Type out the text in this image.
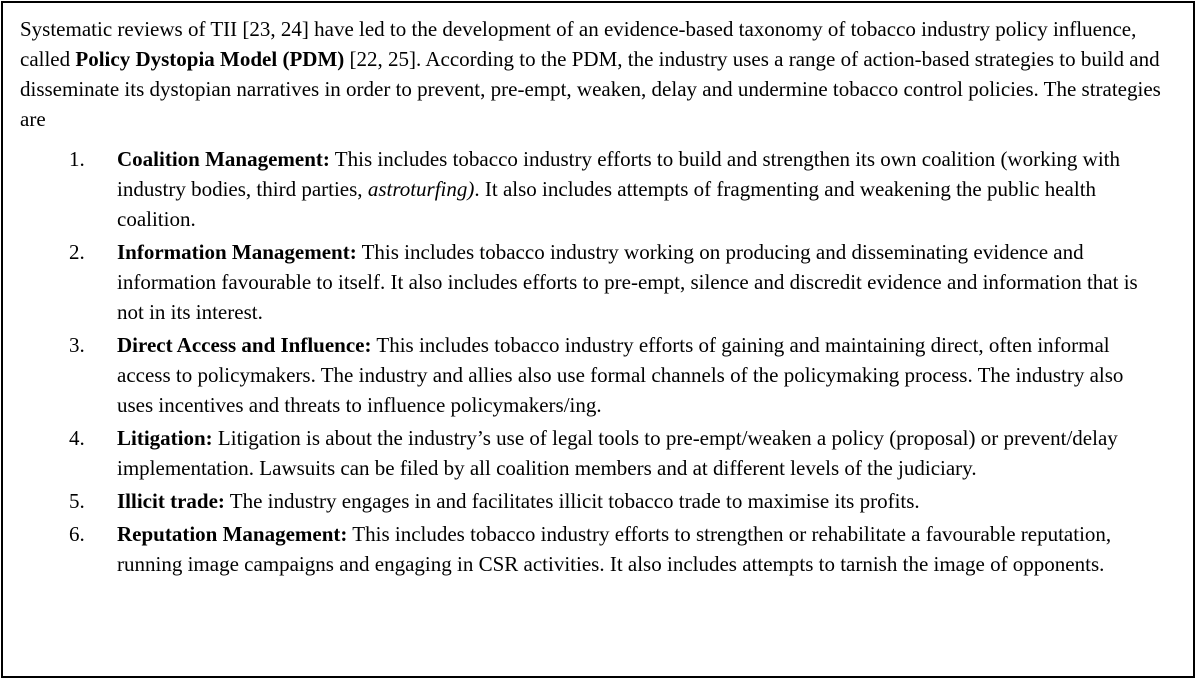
Systematic reviews of TII [23, 24] have led to the development of an evidence-based taxonomy of tobacco industry policy influence, called Policy Dystopia Model (PDM) [22, 25]. According to the PDM, the industry uses a range of action-based strategies to build and disseminate its dystopian narratives in order to prevent, pre-empt, weaken, delay and undermine tobacco control policies. The strategies are

1. Coalition Management: This includes tobacco industry efforts to build and strengthen its own coalition (working with industry bodies, third parties, astroturfing). It also includes attempts of fragmenting and weakening the public health coalition.
2. Information Management: This includes tobacco industry working on producing and disseminating evidence and information favourable to itself. It also includes efforts to pre-empt, silence and discredit evidence and information that is not in its interest.
3. Direct Access and Influence: This includes tobacco industry efforts of gaining and maintaining direct, often informal access to policymakers. The industry and allies also use formal channels of the policymaking process. The industry also uses incentives and threats to influence policymakers/ing.
4. Litigation: Litigation is about the industry’s use of legal tools to pre-empt/weaken a policy (proposal) or prevent/delay implementation. Lawsuits can be filed by all coalition members and at different levels of the judiciary.
5. Illicit trade: The industry engages in and facilitates illicit tobacco trade to maximise its profits.
6. Reputation Management: This includes tobacco industry efforts to strengthen or rehabilitate a favourable reputation, running image campaigns and engaging in CSR activities. It also includes attempts to tarnish the image of opponents.
